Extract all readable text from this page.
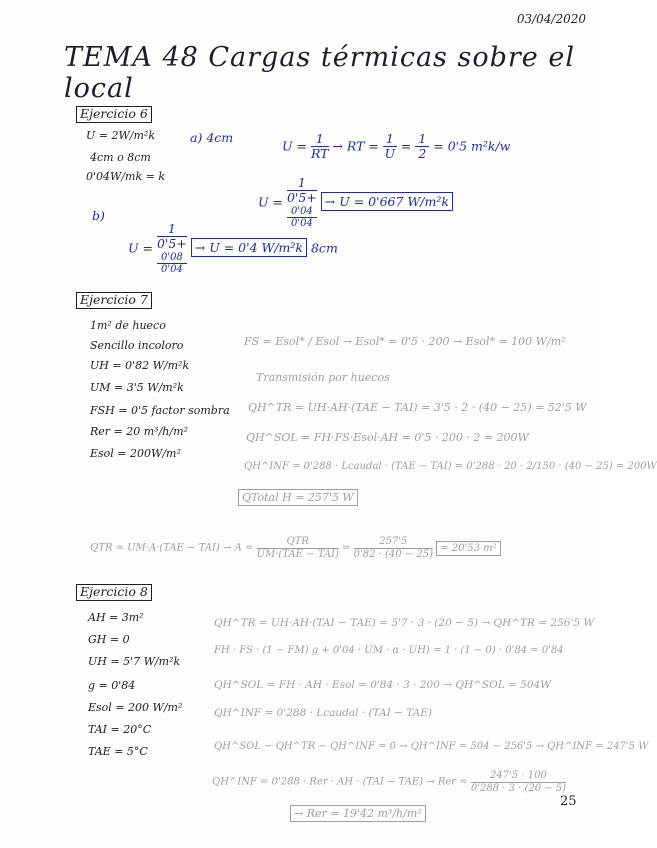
03/04/2020
TEMA 48 Cargas térmicas sobre el local
Ejercicio 6
U = 2W/m²k
4cm o 8cm
0'04W/mk = k
a) 4cm
$U = \frac{1}{RT}$ → RT = $\frac{1}{U} = \frac{1}{2} = 0'5$ m²k/w
U = 1
0'5+
0'04
0'04 → U = 0'667 W/m²k
b)
U = 1
0'5+
0'08
0'04 → U = 0'4 W/m²k 8cm
Ejercicio 7
1m² de hueco
Sencillo incoloro
UH = 0'82 W/m²k
UM = 3'5 W/m²k
FSH = 0'5 factor sombra
Rer = 20 m³/h/m²
Esol = 200W/m²
FS = Esol* / Esol → Esol* = 0'5 · 200 → Esol* = 100 W/m²
Transmisión por huecos
QH^TR = UH·AH·(TAE − TAI) = 3'5 · 2 · (40 − 25) = 52'5 W
QH^SOL = FH·FS·Esol·AH = 0'5 · 200 · 2 = 200W
QH^INF = 0'288 · Lcaudal · (TAE − TAI) = 0'288 · 20 · 2/150 · (40 − 25) = 200W
QTotal H = 257'5 W
QTR = $UM\cdot A\cdot(TAE - TAI) \to A = \frac{\text{QTR}}{\text{UM·(TAE − TAI)}} = \frac{257'5}{0'82 \cdot (40 - 25)} = 20'53$ m²
Ejercicio 8
AH = 3m²
GH = 0
UH = 5'7 W/m²k
g = 0'84
Esol = 200 W/m²
TAI = 20°C
TAE = 5°C
QH^TR = UH·AH·(TAI − TAE) = 5'7 · 3 · (20 − 5) → QH^TR = 256'5 W
FH · FS · (1 − FM) g + 0'04 · UM · α · UH) = 1 · (1 − 0) · 0'84 = 0'84
QH^SOL = FH · AH · Esol = 0'84 · 3 · 200 → QH^SOL = 504W
QH^INF = 0'288 · Lcaudal · (TAI − TAE)
QH^SOL − QH^TR − QH^INF = 0 → QH^INF = 504 − 256'5 → QH^INF = 247'5 W
QH^INF = 0'288 · Rer · AH · (TAI − TAE) → Rer = $\frac{247'5 \cdot 100}{0'288 \cdot 3 \cdot (20 - 5)}$
→ Rer = 19'42 m³/h/m²
25
